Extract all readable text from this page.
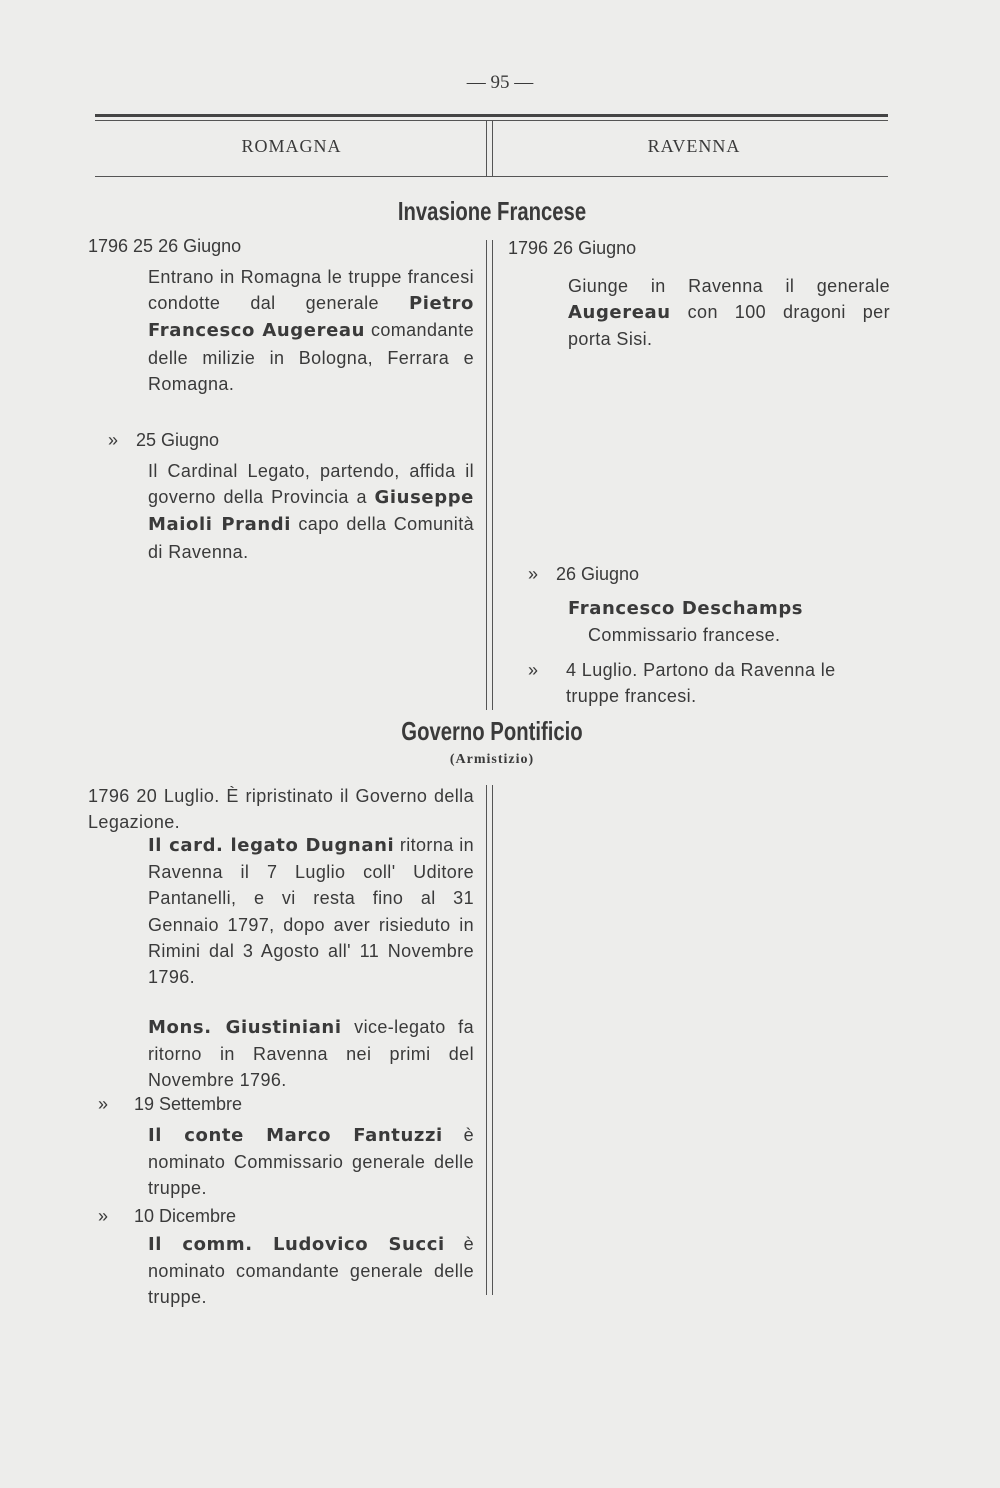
— 95 —
ROMAGNA	RAVENNA
Invasione Francese
1796 25 26 Giugno
Entrano in Romagna le truppe francesi condotte dal generale Pietro Francesco Augereau comandante delle milizie in Bologna, Ferrara e Romagna.
» 25 Giugno
Il Cardinal Legato, partendo, affida il governo della Provincia a Giuseppe Maioli Prandi capo della Comunità di Ravenna.
1796 26 Giugno
Giunge in Ravenna il generale Augereau con 100 dragoni per porta Sisi.
» 26 Giugno
Francesco Deschamps
Commissario francese.
» 4 Luglio. Partono da Ravenna le truppe francesi.
Governo Pontificio
(Armistizio)
1796 20 Luglio. È ripristinato il Governo della Legazione.
Il card. legato Dugnani ritorna in Ravenna il 7 Luglio coll' Uditore Pantanelli, e vi resta fino al 31 Gennaio 1797, dopo aver risieduto in Rimini dal 3 Agosto all' 11 Novembre 1796.
Mons. Giustiniani vice-legato fa ritorno in Ravenna nei primi del Novembre 1796.
» 19 Settembre
Il conte Marco Fantuzzi è nominato Commissario generale delle truppe.
» 10 Dicembre
Il comm. Ludovico Succi è nominato comandante generale delle truppe.
